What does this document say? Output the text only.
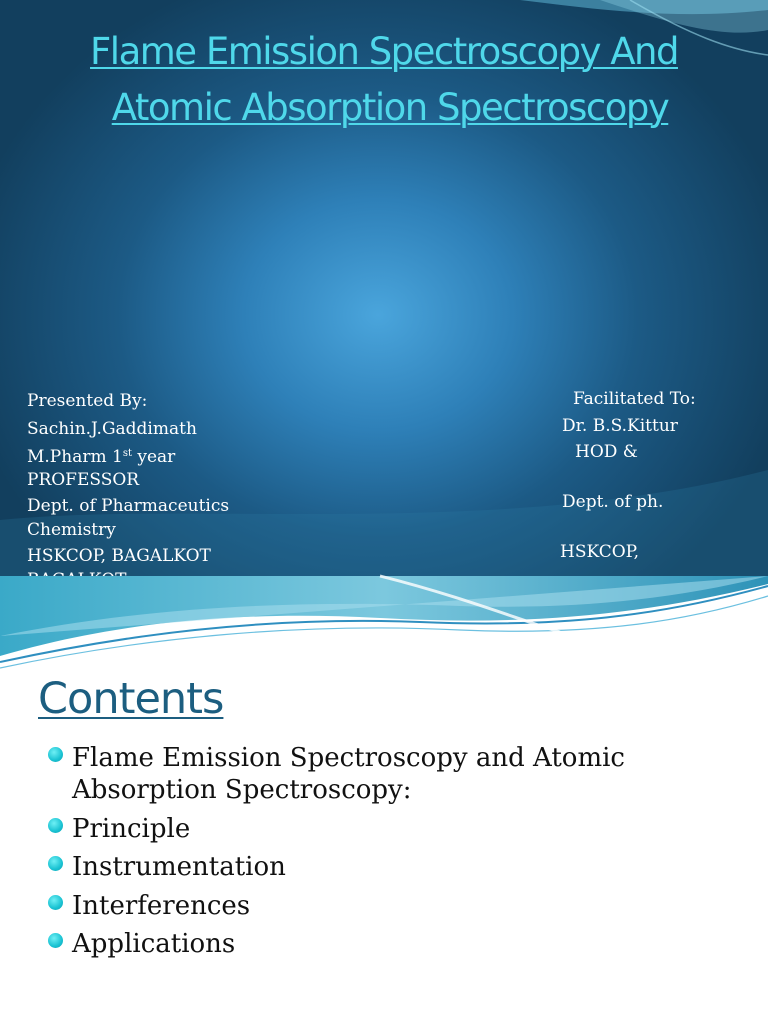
Flame Emission Spectroscopy And
Atomic Absorption Spectroscopy

Presented By:

Sachin.J.Gaddimath

M.Pharm 1st year

PROFESSOR

Dept. of Pharmaceutics

Chemistry

HSKCOP, BAGALKOT

Facilitated To:
Dr. B.S.Kittur
HOD &
Dept. of ph.
HSKCOP,
Contents
Flame Emission Spectroscopy and Atomic Absorption Spectroscopy:
Principle
Instrumentation
Interferences
Applications
